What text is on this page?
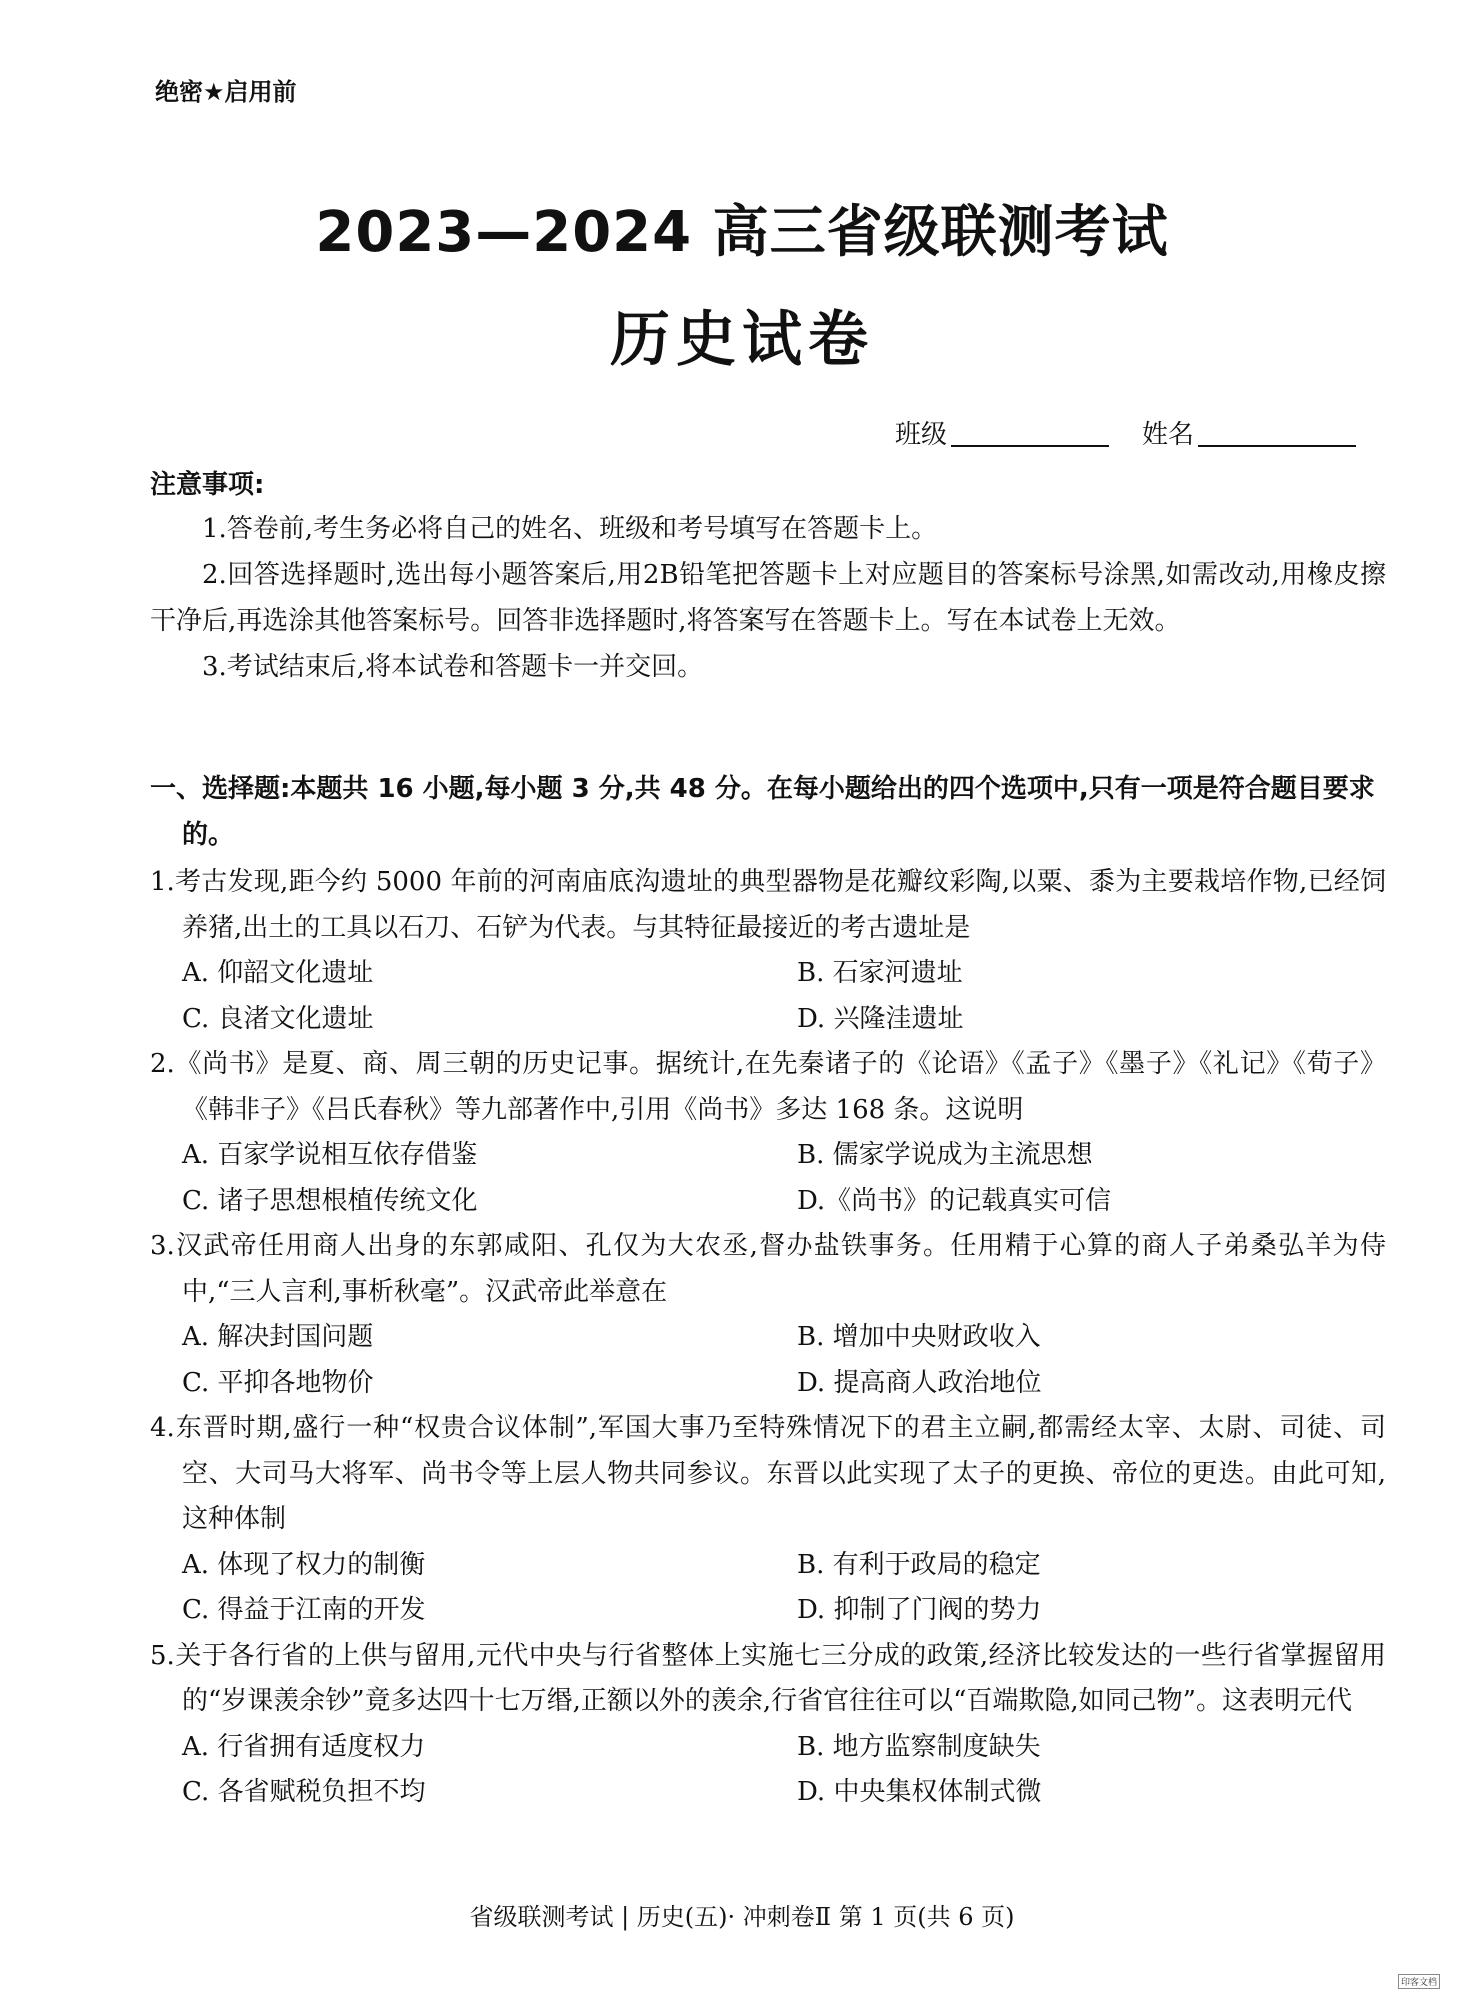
绝密★启用前
2023—2024 高三省级联测考试
历史试卷
班级	姓名
注意事项:

1.答卷前,考生务必将自己的姓名、班级和考号填写在答题卡上。

2.回答选择题时,选出每小题答案后,用2B铅笔把答题卡上对应题目的答案标号涂黑,如需改动,用橡皮擦干净后,再选涂其他答案标号。回答非选择题时,将答案写在答题卡上。写在本试卷上无效。

3.考试结束后,将本试卷和答题卡一并交回。

一、选择题:本题共 16 小题,每小题 3 分,共 48 分。在每小题给出的四个选项中,只有一项是符合题目要求的。
1.考古发现,距今约 5000 年前的河南庙底沟遗址的典型器物是花瓣纹彩陶,以粟、黍为主要栽培作物,已经饲养猪,出土的工具以石刀、石铲为代表。与其特征最接近的考古遗址是
A. 仰韶文化遗址	B. 石家河遗址
C. 良渚文化遗址	D. 兴隆洼遗址
2.《尚书》是夏、商、周三朝的历史记事。据统计,在先秦诸子的《论语》《孟子》《墨子》《礼记》《荀子》《韩非子》《吕氏春秋》等九部著作中,引用《尚书》多达 168 条。这说明
A. 百家学说相互依存借鉴	B. 儒家学说成为主流思想
C. 诸子思想根植传统文化	D.《尚书》的记载真实可信
3.汉武帝任用商人出身的东郭咸阳、孔仅为大农丞,督办盐铁事务。任用精于心算的商人子弟桑弘羊为侍中,“三人言利,事析秋毫”。汉武帝此举意在
A. 解决封国问题	B. 增加中央财政收入
C. 平抑各地物价	D. 提高商人政治地位
4.东晋时期,盛行一种“权贵合议体制”,军国大事乃至特殊情况下的君主立嗣,都需经太宰、太尉、司徒、司空、大司马大将军、尚书令等上层人物共同参议。东晋以此实现了太子的更换、帝位的更迭。由此可知,这种体制
A. 体现了权力的制衡	B. 有利于政局的稳定
C. 得益于江南的开发	D. 抑制了门阀的势力
5.关于各行省的上供与留用,元代中央与行省整体上实施七三分成的政策,经济比较发达的一些行省掌握留用的“岁课羡余钞”竟多达四十七万缗,正额以外的羡余,行省官往往可以“百端欺隐,如同己物”。这表明元代
A. 行省拥有适度权力	B. 地方监察制度缺失
C. 各省赋税负担不均	D. 中央集权体制式微
省级联测考试 | 历史(五)· 冲刺卷Ⅱ 第 1 页(共 6 页)
印客文档
